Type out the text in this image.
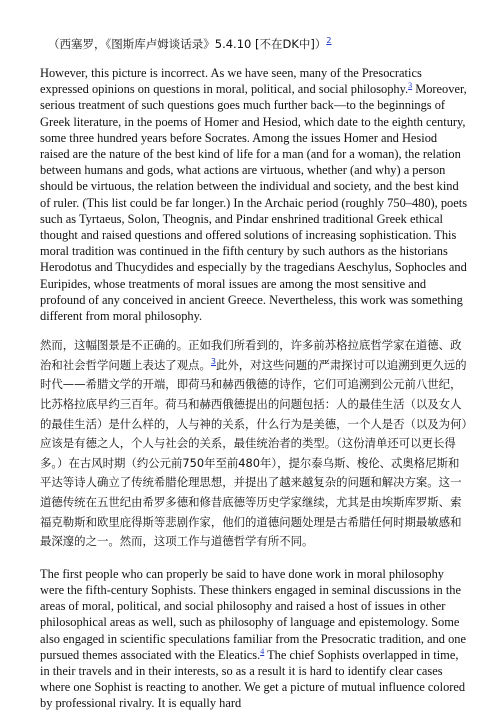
（西塞罗，《图斯库卢姆谈话录》5.4.10 [不在DK中]）$^2$

However, this picture is incorrect. As we have seen, many of the Presocratics expressed opinions on questions in moral, political, and social philosophy.$^3$ Moreover, serious treatment of such questions goes much further back—to the beginnings of Greek literature, in the poems of Homer and Hesiod, which date to the eighth century, some three hundred years before Socrates. Among the issues Homer and Hesiod raised are the nature of the best kind of life for a man (and for a woman), the relation between humans and gods, what actions are virtuous, whether (and why) a person should be virtuous, the relation between the individual and society, and the best kind of ruler. (This list could be far longer.) In the Archaic period (roughly 750–480), poets such as Tyrtaeus, Solon, Theognis, and Pindar enshrined traditional Greek ethical thought and raised questions and offered solutions of increasing sophistication. This moral tradition was continued in the fifth century by such authors as the historians Herodotus and Thucydides and especially by the tragedians Aeschylus, Sophocles and Euripides, whose treatments of moral issues are among the most sensitive and profound of any conceived in ancient Greece. Nevertheless, this work was something different from moral philosophy.

然而，这幅图景是不正确的。正如我们所看到的，许多前苏格拉底哲学家在道德、政治和社会哲学问题上表达了观点。$^3$此外，对这些问题的严肃探讨可以追溯到更久远的时代——希腊文学的开端，即荷马和赫西俄德的诗作，它们可追溯到公元前八世纪，比苏格拉底早约三百年。荷马和赫西俄德提出的问题包括：人的最佳生活（以及女人的最佳生活）是什么样的，人与神的关系，什么行为是美德，一个人是否（以及为何）应该是有德之人，个人与社会的关系，最佳统治者的类型。（这份清单还可以更长得多。）在古风时期（约公元前750年至前480年），提尔泰乌斯、梭伦、忒奥格尼斯和平达等诗人确立了传统希腊伦理思想，并提出了越来越复杂的问题和解决方案。这一道德传统在五世纪由希罗多德和修昔底德等历史学家继续，尤其是由埃斯库罗斯、索福克勒斯和欧里庇得斯等悲剧作家，他们的道德问题处理是古希腊任何时期最敏感和最深邃的之一。然而，这项工作与道德哲学有所不同。

The first people who can properly be said to have done work in moral philosophy were the fifth-century Sophists. These thinkers engaged in seminal discussions in the areas of moral, political, and social philosophy and raised a host of issues in other philosophical areas as well, such as philosophy of language and epistemology. Some also engaged in scientific speculations familiar from the Presocratic tradition, and one pursued themes associated with the Eleatics.$^4$ The chief Sophists overlapped in time, in their travels and in their interests, so as a result it is hard to identify clear cases where one Sophist is reacting to another. We get a picture of mutual influence colored by professional rivalry. It is equally hard
